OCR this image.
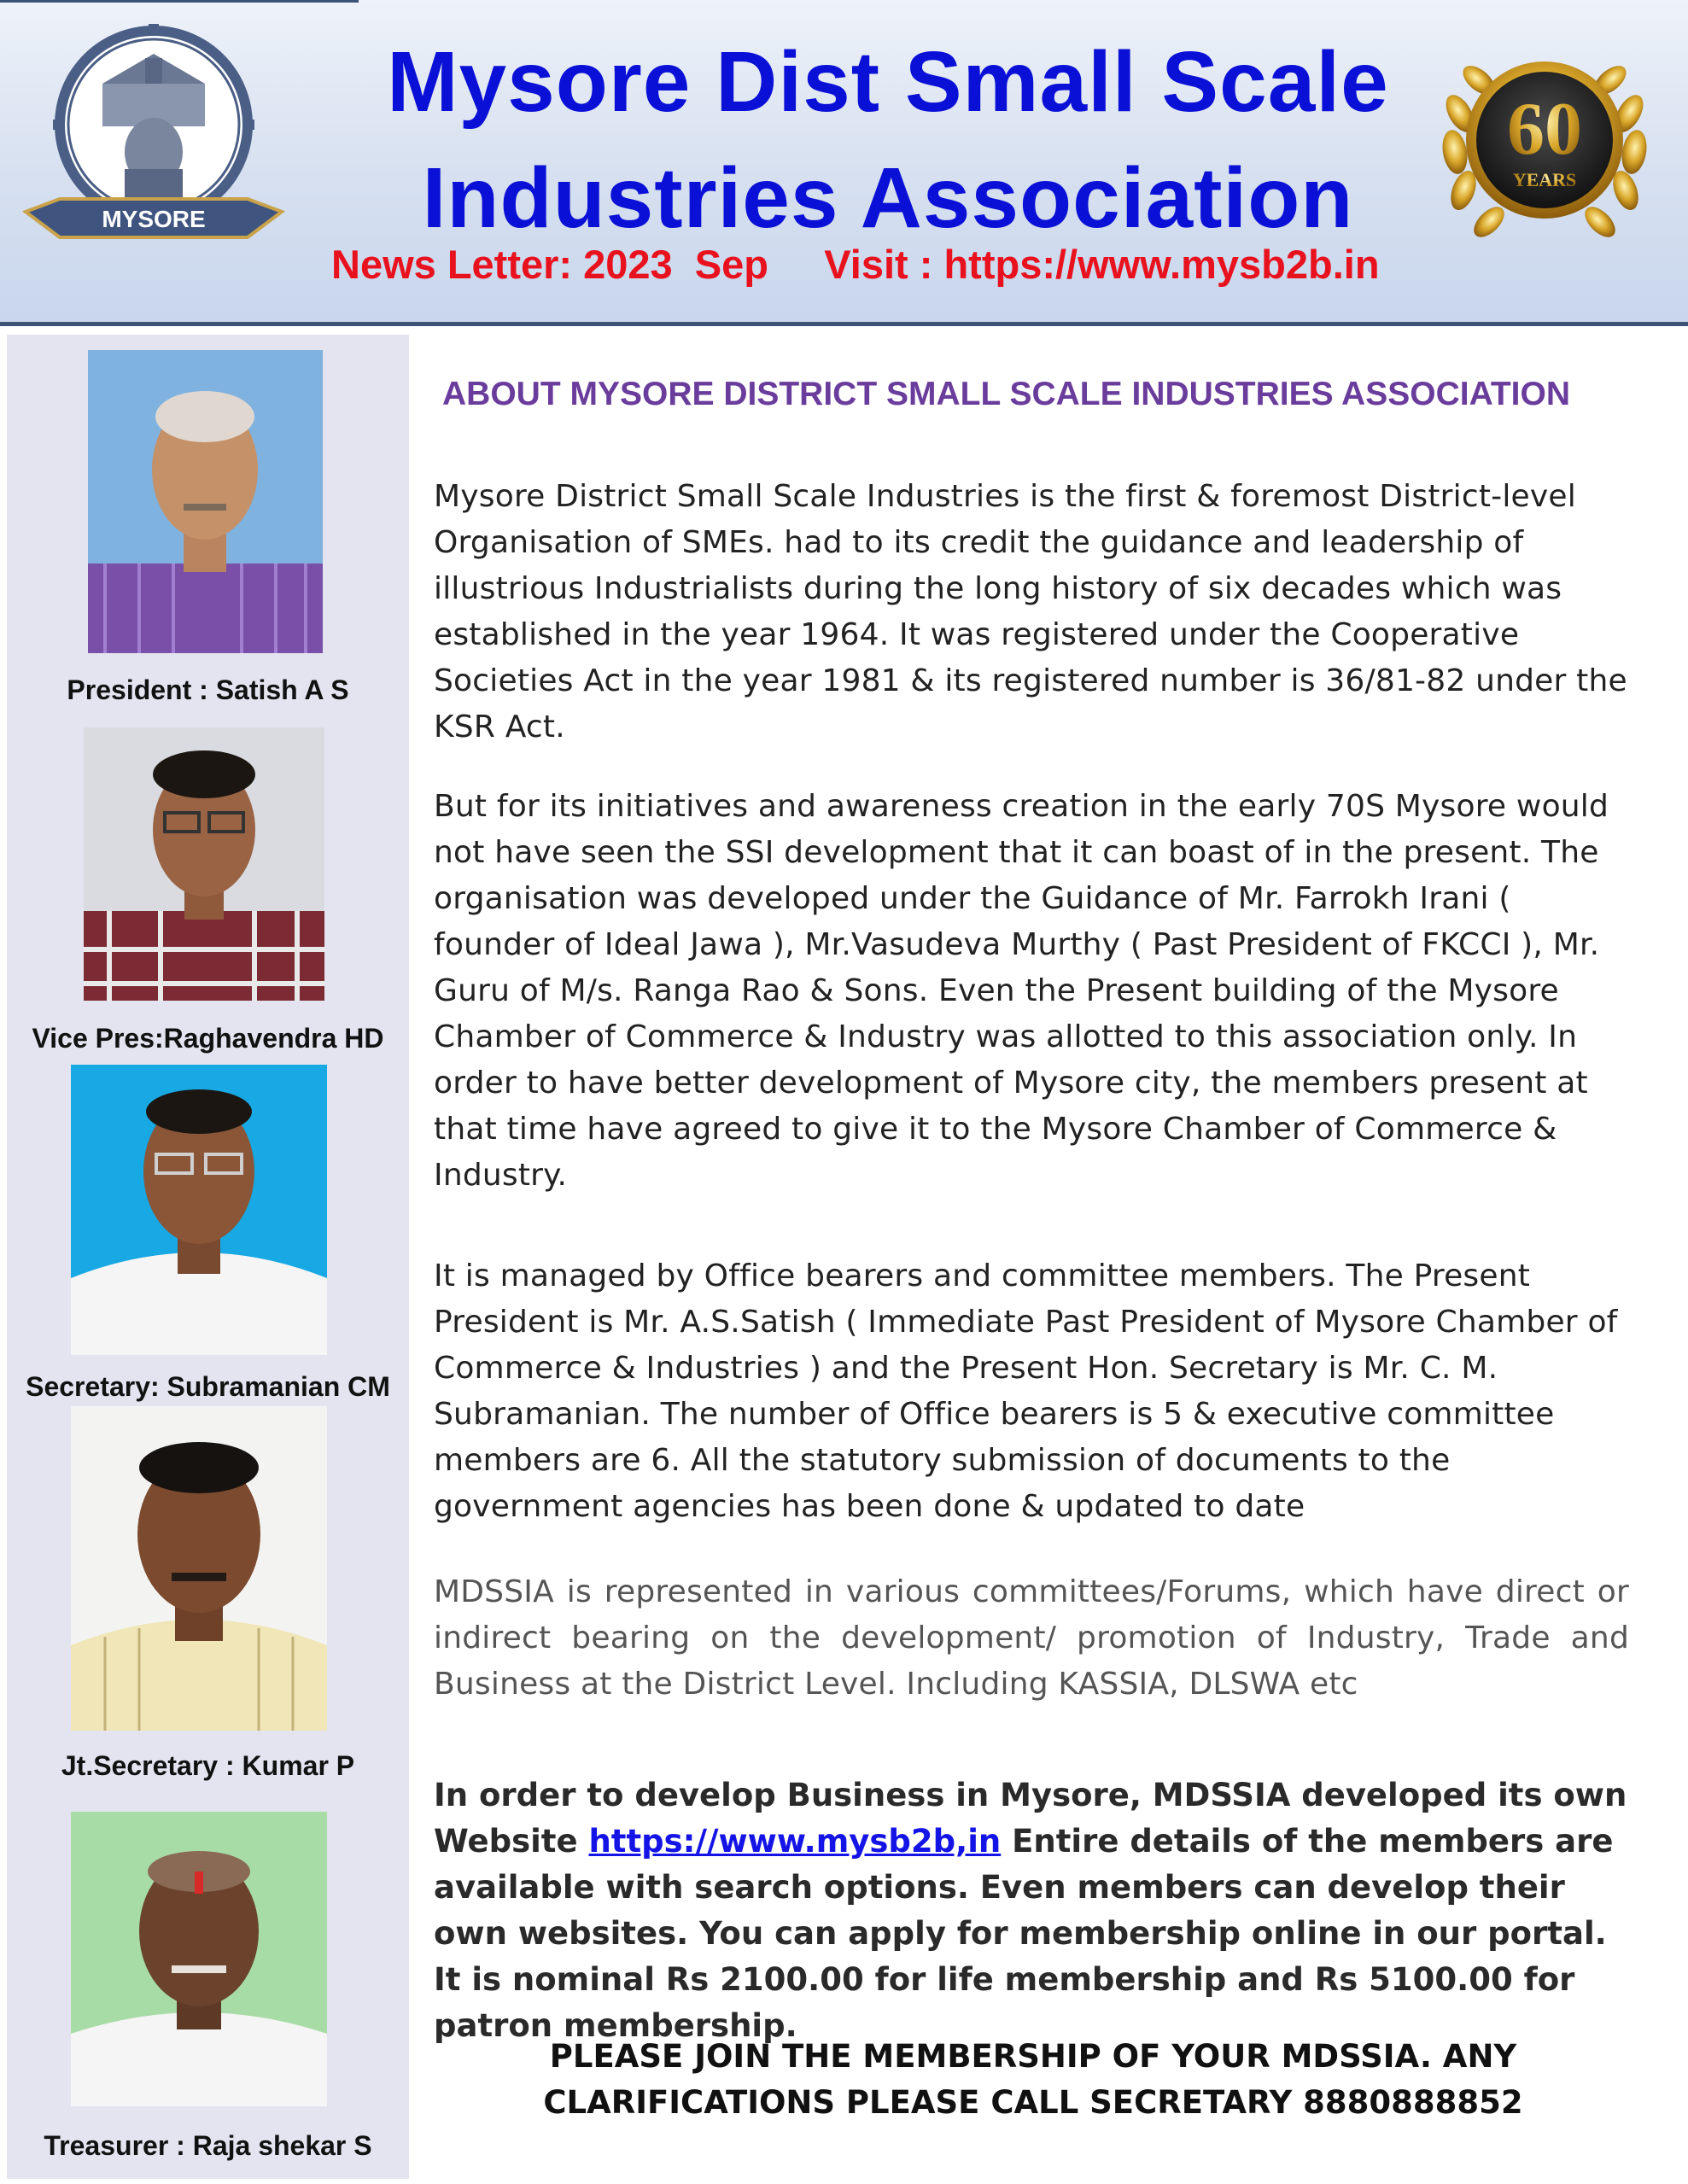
MYSORE
MYSORE DISTRICT SMALL SCALE INDUSTRIES ASSO	Mysore Dist Small Scale
Industries Association
News Letter: 2023  Sep Visit : https://www.mysb2b.in
60
YEARS
President : Satish A S
Vice Pres:Raghavendra HD
Secretary: Subramanian CM
Jt.Secretary : Kumar P
Treasurer : Raja shekar S
ABOUT MYSORE DISTRICT SMALL SCALE INDUSTRIES ASSOCIATION

Mysore District Small Scale Industries is the first & foremost District-level Organisation of SMEs. had to its credit the guidance and leadership of illustrious Industrialists during the long history of six decades which was established in the year 1964. It was registered under the Cooperative Societies Act in the year 1981 & its registered number is 36/81-82 under the KSR Act.

But for its initiatives and awareness creation in the early 70S Mysore would not have seen the SSI development that it can boast of in the present. The organisation was developed under the Guidance of Mr. Farrokh Irani ( founder of Ideal Jawa ), Mr.Vasudeva Murthy ( Past President of FKCCI ), Mr. Guru of M/s. Ranga Rao & Sons. Even the Present building of the Mysore Chamber of Commerce & Industry was allotted to this association only. In order to have better development of Mysore city, the members present at that time have agreed to give it to the Mysore Chamber of Commerce & Industry.

It is managed by Office bearers and committee members. The Present President is Mr. A.S.Satish ( Immediate Past President of Mysore Chamber of Commerce & Industries ) and the Present Hon. Secretary is Mr. C. M. Subramanian. The number of Office bearers is 5 & executive committee members are 6. All the statutory submission of documents to the government agencies has been done & updated to date

MDSSIA is represented in various committees/Forums, which have direct or indirect bearing on the development/ promotion of Industry, Trade and Business at the District Level. Including KASSIA, DLSWA etc

In order to develop Business in Mysore, MDSSIA developed its own Website https://www.mysb2b,in Entire details of the members are available with search options. Even members can develop their own websites. You can apply for membership online in our portal. It is nominal Rs 2100.00 for life membership and Rs 5100.00 for patron membership.

PLEASE JOIN THE MEMBERSHIP OF YOUR MDSSIA. ANY
CLARIFICATIONS PLEASE CALL SECRETARY 8880888852
